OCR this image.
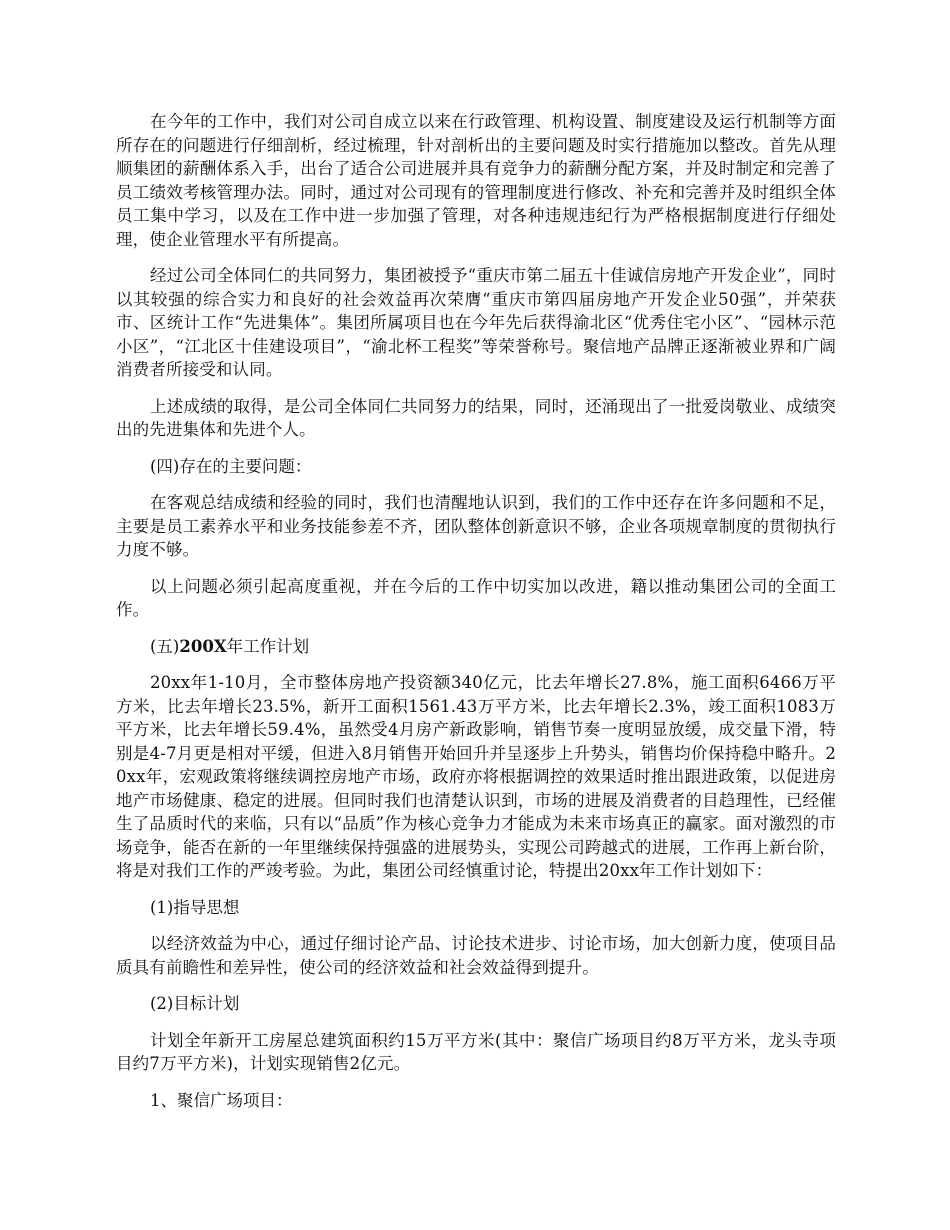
在今年的工作中，我们对公司自成立以来在行政管理、机构设置、制度建设及运行机制等方面所存在的问题进行仔细剖析，经过梳理，针对剖析出的主要问题及时实行措施加以整改。首先从理顺集团的薪酬体系入手，出台了适合公司进展并具有竞争力的薪酬分配方案，并及时制定和完善了员工绩效考核管理办法。同时，通过对公司现有的管理制度进行修改、补充和完善并及时组织全体员工集中学习，以及在工作中进一步加强了管理，对各种违规违纪行为严格根据制度进行仔细处理，使企业管理水平有所提高。

经过公司全体同仁的共同努力，集团被授予“重庆市第二届五十佳诚信房地产开发企业”，同时以其较强的综合实力和良好的社会效益再次荣膺“重庆市第四届房地产开发企业50强”，并荣获市、区统计工作“先进集体”。集团所属项目也在今年先后获得渝北区“优秀住宅小区”、“园林示范小区”，“江北区十佳建设项目”，“渝北杯工程奖”等荣誉称号。聚信地产品牌正逐渐被业界和广阔消费者所接受和认同。

上述成绩的取得，是公司全体同仁共同努力的结果，同时，还涌现出了一批爱岗敬业、成绩突出的先进集体和先进个人。

(四)存在的主要问题：

在客观总结成绩和经验的同时，我们也清醒地认识到，我们的工作中还存在许多问题和不足，主要是员工素养水平和业务技能参差不齐，团队整体创新意识不够，企业各项规章制度的贯彻执行力度不够。

以上问题必须引起高度重视，并在今后的工作中切实加以改进，籍以推动集团公司的全面工作。

(五)200X年工作计划

20xx年1-10月，全市整体房地产投资额340亿元，比去年增长27.8%，施工面积6466万平方米，比去年增长23.5%，新开工面积1561.43万平方米，比去年增长2.3%，竣工面积1083万平方米，比去年增长59.4%，虽然受4月房产新政影响，销售节奏一度明显放缓，成交量下滑，特别是4-7月更是相对平缓，但进入8月销售开始回升并呈逐步上升势头，销售均价保持稳中略升。20xx年，宏观政策将继续调控房地产市场，政府亦将根据调控的效果适时推出跟进政策，以促进房地产市场健康、稳定的进展。但同时我们也清楚认识到，市场的进展及消费者的目趋理性，已经催生了品质时代的来临，只有以“品质”作为核心竞争力才能成为未来市场真正的赢家。面对激烈的市场竞争，能否在新的一年里继续保持强盛的进展势头，实现公司跨越式的进展，工作再上新台阶，将是对我们工作的严竣考验。为此，集团公司经慎重讨论，特提出20xx年工作计划如下：

(1)指导思想

以经济效益为中心，通过仔细讨论产品、讨论技术进步、讨论市场，加大创新力度，使项目品质具有前瞻性和差异性，使公司的经济效益和社会效益得到提升。

(2)目标计划

计划全年新开工房屋总建筑面积约15万平方米(其中：聚信广场项目约8万平方米，龙头寺项目约7万平方米)，计划实现销售2亿元。

1、聚信广场项目：
